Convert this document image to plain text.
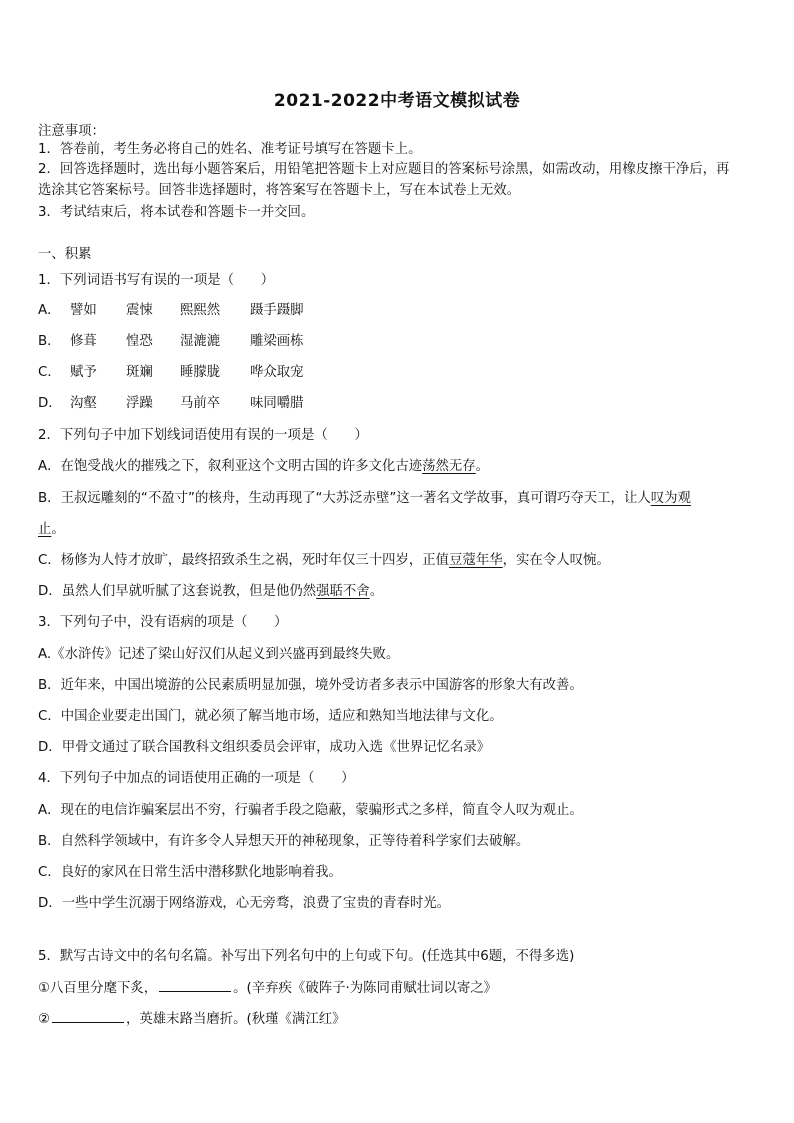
2021-2022中考语文模拟试卷
注意事项：
1．答卷前，考生务必将自己的姓名、准考证号填写在答题卡上。
2．回答选择题时，选出每小题答案后，用铅笔把答题卡上对应题目的答案标号涂黑，如需改动，用橡皮擦干净后，再
选涂其它答案标号。回答非选择题时，将答案写在答题卡上，写在本试卷上无效。
3．考试结束后，将本试卷和答题卡一并交回。
一、积累
1．下列词语书写有误的一项是（　　）
A． 譬如 震悚 熙熙然 蹑手蹑脚
B． 修葺 惶恐 湿漉漉 雕梁画栋
C． 赋予 斑斓 睡朦胧 哗众取宠
D． 沟壑 浮躁 马前卒 味同嚼腊
2．下列句子中加下划线词语使用有误的一项是（　　）
A．在饱受战火的摧残之下，叙利亚这个文明古国的许多文化古迹荡然无存。
B．王叔远雕刻的“不盈寸”的核舟，生动再现了“大苏泛赤壁”这一著名文学故事，真可谓巧夺天工，让人叹为观
止。
C．杨修为人恃才放旷，最终招致杀生之祸，死时年仅三十四岁，正值豆蔻年华，实在令人叹惋。
D．虽然人们早就听腻了这套说教，但是他仍然强聒不舍。
3．下列句子中，没有语病的项是（　　）
A.《水浒传》记述了梁山好汉们从起义到兴盛再到最终失败。
B．近年来，中国出境游的公民素质明显加强，境外受访者多表示中国游客的形象大有改善。
C．中国企业要走出国门，就必须了解当地市场，适应和熟知当地法律与文化。
D．甲骨文通过了联合国教科文组织委员会评审，成功入选《世界记忆名录》
4．下列句子中加点的词语使用正确的一项是（　　）
A．现在的电信诈骗案层出不穷，行骗者手段之隐蔽，蒙骗形式之多样，简直令人叹为观止。
B．自然科学领域中，有许多令人异想天开的神秘现象，正等待着科学家们去破解。
C．良好的家风在日常生活中潜移默化地影响着我。
D．一些中学生沉溺于网络游戏，心无旁骛，浪费了宝贵的青春时光。
5．默写古诗文中的名句名篇。补写出下列名句中的上句或下句。(任选其中6题，不得多选)
①八百里分麾下炙，	。(辛弃疾《破阵子·为陈同甫赋壮词以寄之》
②	，英雄末路当磨折。(秋瑾《满江红》
